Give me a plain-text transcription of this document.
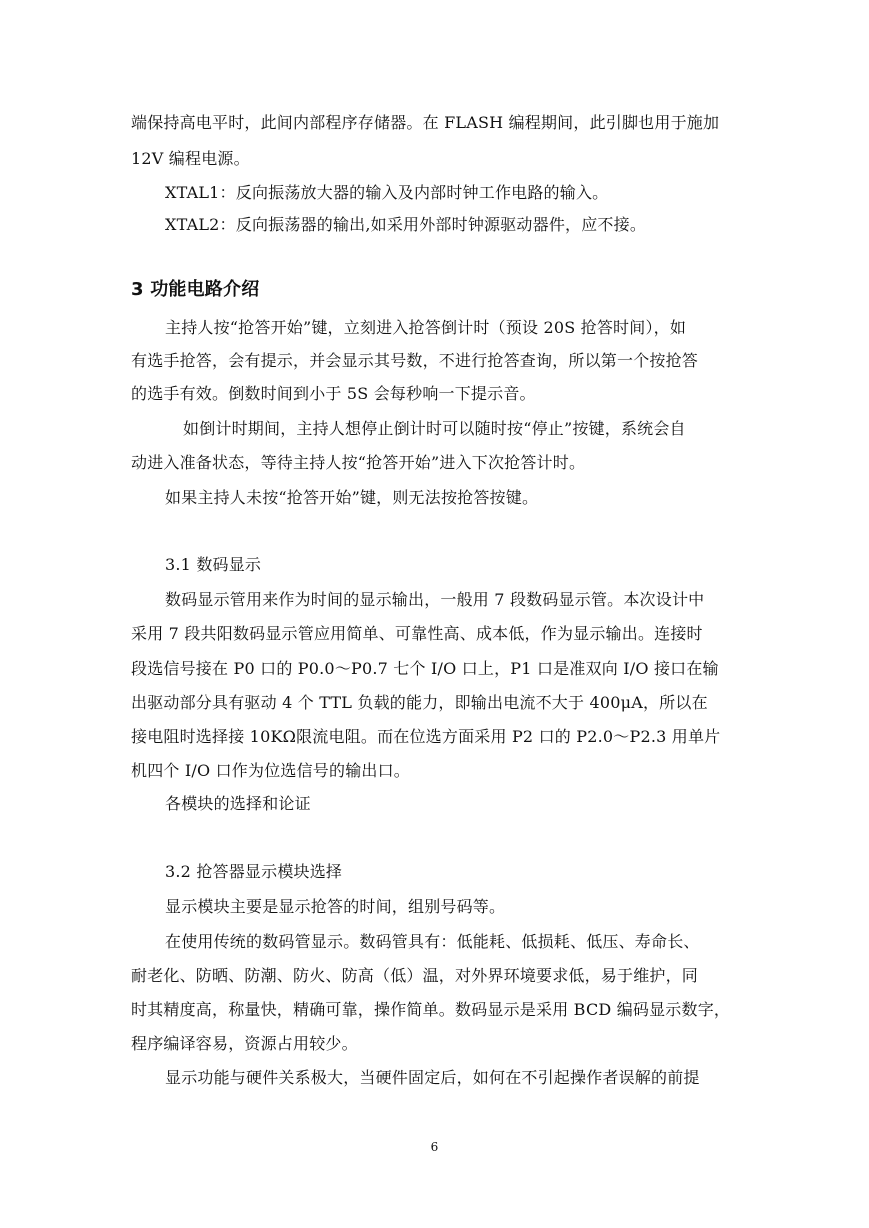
端保持高电平时，此间内部程序存储器。在 FLASH 编程期间，此引脚也用于施加

12V 编程电源。

XTAL1：反向振荡放大器的输入及内部时钟工作电路的输入。

XTAL2：反向振荡器的输出,如采用外部时钟源驱动器件，应不接。

3 功能电路介绍

主持人按“抢答开始”键，立刻进入抢答倒计时（预设 20S 抢答时间），如

有选手抢答，会有提示，并会显示其号数，不进行抢答查询，所以第一个按抢答

的选手有效。倒数时间到小于 5S 会每秒响一下提示音。

如倒计时期间，主持人想停止倒计时可以随时按“停止”按键，系统会自

动进入准备状态，等待主持人按“抢答开始”进入下次抢答计时。

如果主持人未按“抢答开始”键，则无法按抢答按键。

3.1 数码显示

数码显示管用来作为时间的显示输出，一般用 7 段数码显示管。本次设计中

采用 7 段共阳数码显示管应用简单、可靠性高、成本低，作为显示输出。连接时

段选信号接在 P0 口的 P0.0～P0.7 七个 I/O 口上，P1 口是准双向 I/O 接口在输

出驱动部分具有驱动 4 个 TTL 负载的能力，即输出电流不大于 400μA，所以在

接电阻时选择接 10KΩ限流电阻。而在位选方面采用 P2 口的 P2.0～P2.3 用单片

机四个 I/O 口作为位选信号的输出口。

各模块的选择和论证

3.2 抢答器显示模块选择

显示模块主要是显示抢答的时间，组别号码等。

在使用传统的数码管显示。数码管具有：低能耗、低损耗、低压、寿命长、

耐老化、防晒、防潮、防火、防高（低）温，对外界环境要求低，易于维护，同

时其精度高，称量快，精确可靠，操作简单。数码显示是采用 BCD 编码显示数字，

程序编译容易，资源占用较少。

显示功能与硬件关系极大，当硬件固定后，如何在不引起操作者误解的前提

6
